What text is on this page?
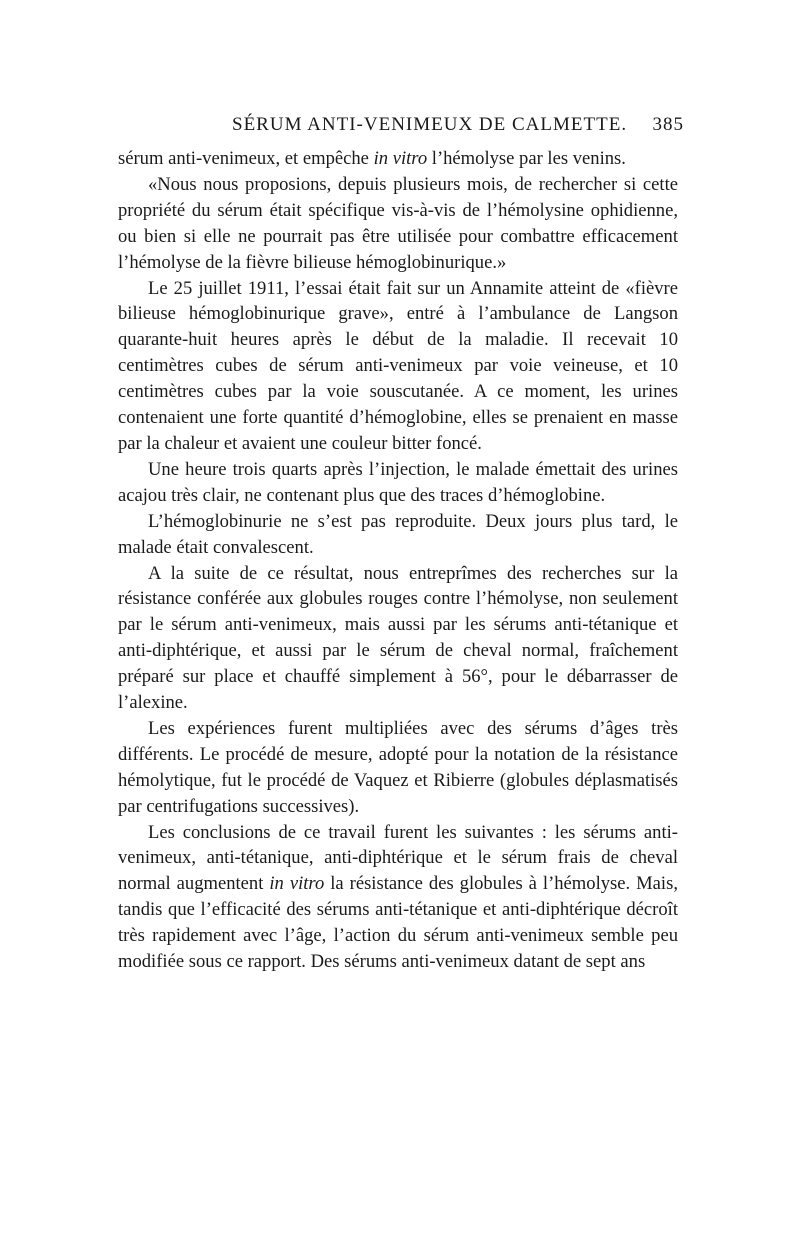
SÉRUM ANTI-VENIMEUX DE CALMETTE. 385

sérum anti-venimeux, et empêche in vitro l’hémolyse par les venins.

«Nous nous proposions, depuis plusieurs mois, de rechercher si cette propriété du sérum était spécifique vis-à-vis de l’hémolysine ophidienne, ou bien si elle ne pourrait pas être utilisée pour combattre efficacement l’hémolyse de la fièvre bilieuse hémoglobinurique.»

Le 25 juillet 1911, l’essai était fait sur un Annamite atteint de «fièvre bilieuse hémoglobinurique grave», entré à l’ambulance de Langson quarante-huit heures après le début de la maladie. Il recevait 10 centimètres cubes de sérum anti-venimeux par voie veineuse, et 10 centimètres cubes par la voie souscutanée. A ce moment, les urines contenaient une forte quantité d’hémoglobine, elles se prenaient en masse par la chaleur et avaient une couleur bitter foncé.

Une heure trois quarts après l’injection, le malade émettait des urines acajou très clair, ne contenant plus que des traces d’hémoglobine.

L’hémoglobinurie ne s’est pas reproduite. Deux jours plus tard, le malade était convalescent.

A la suite de ce résultat, nous entreprîmes des recherches sur la résistance conférée aux globules rouges contre l’hémolyse, non seulement par le sérum anti-venimeux, mais aussi par les sérums anti-tétanique et anti-diphtérique, et aussi par le sérum de cheval normal, fraîchement préparé sur place et chauffé simplement à 56°, pour le débarrasser de l’alexine.

Les expériences furent multipliées avec des sérums d’âges très différents. Le procédé de mesure, adopté pour la notation de la résistance hémolytique, fut le procédé de Vaquez et Ribierre (globules déplasmatisés par centrifugations successives).

Les conclusions de ce travail furent les suivantes : les sérums anti-venimeux, anti-tétanique, anti-diphtérique et le sérum frais de cheval normal augmentent in vitro la résistance des globules à l’hémolyse. Mais, tandis que l’efficacité des sérums anti-tétanique et anti-diphtérique décroît très rapidement avec l’âge, l’action du sérum anti-venimeux semble peu modifiée sous ce rapport. Des sérums anti-venimeux datant de sept ans
